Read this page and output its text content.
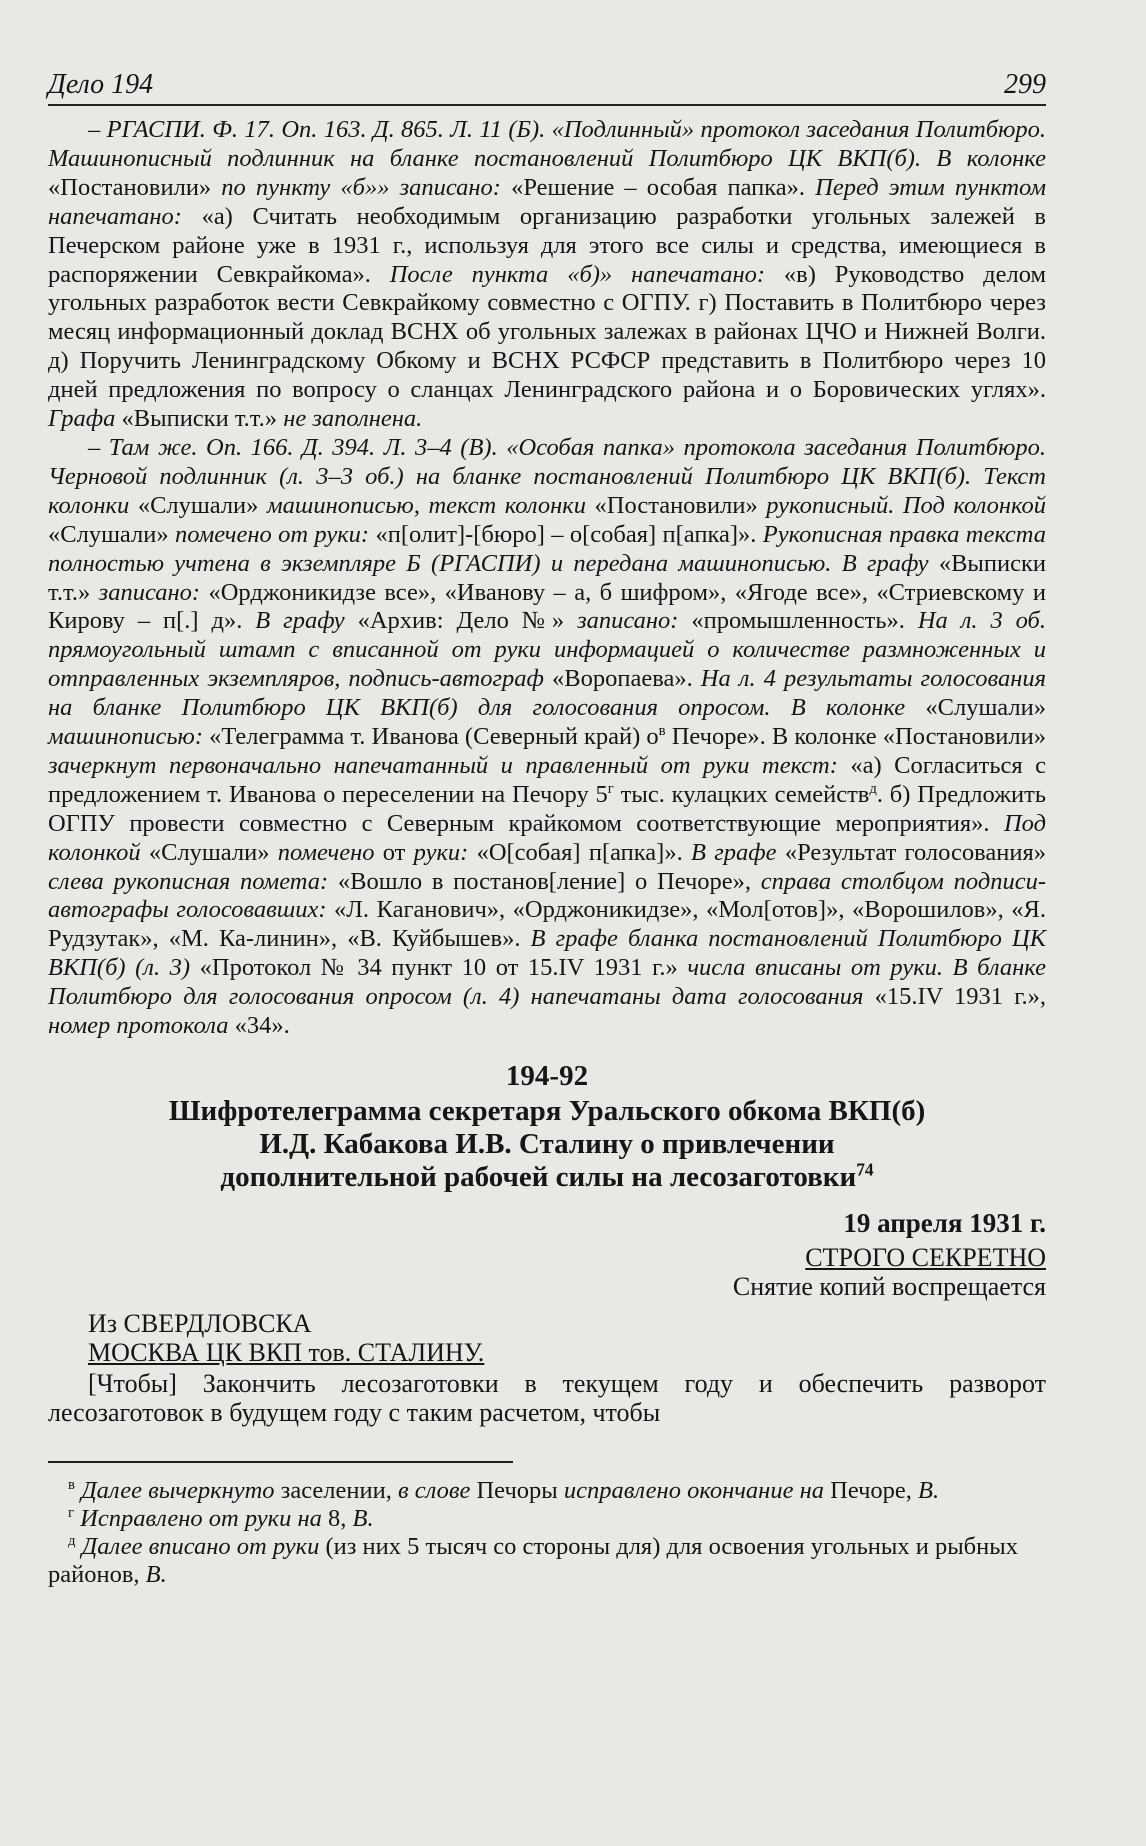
Дело 194	299

– РГАСПИ. Ф. 17. Оп. 163. Д. 865. Л. 11 (Б). «Подлинный» протокол заседания Политбюро. Машинописный подлинник на бланке постановлений Политбюро ЦК ВКП(б). В колонке «Постановили» по пункту «б»» записано: «Решение – особая папка». Перед этим пунктом напечатано: «а) Считать необходимым организацию разработки угольных залежей в Печерском районе уже в 1931 г., используя для этого все силы и средства, имеющиеся в распоряжении Севкрайкома». После пункта «б)» напечатано: «в) Руководство делом угольных разработок вести Севкрайкому совместно с ОГПУ. г) Поставить в Политбюро через месяц информационный доклад ВСНХ об угольных залежах в районах ЦЧО и Нижней Волги. д) Поручить Ленинградскому Обкому и ВСНХ РСФСР представить в Политбюро через 10 дней предложения по вопросу о сланцах Ленинградского района и о Боровических углях». Графа «Выписки т.т.» не заполнена.

– Там же. Оп. 166. Д. 394. Л. 3–4 (В). «Особая папка» протокола заседания Политбюро. Черновой подлинник (л. 3–3 об.) на бланке постановлений Политбюро ЦК ВКП(б). Текст колонки «Слушали» машинописью, текст колонки «Постановили» рукописный. Под колонкой «Слушали» помечено от руки: «п[олит]-[бюро] – о[собая] п[апка]». Рукописная правка текста полностью учтена в экземпляре Б (РГАСПИ) и передана машинописью. В графу «Выписки т.т.» записано: «Орджоникидзе все», «Иванову – а, б шифром», «Ягоде все», «Стриевскому и Кирову – п[.] д». В графу «Архив: Дело №» записано: «промышленность». На л. 3 об. прямоугольный штамп с вписанной от руки информацией о количестве размноженных и отправленных экземпляров, подпись-автограф «Воропаева». На л. 4 результаты голосования на бланке Политбюро ЦК ВКП(б) для голосования опросом. В колонке «Слушали» машинописью: «Телеграмма т. Иванова (Северный край) $о^в$ Печоре». В колонке «Постановили» зачеркнут первоначально напечатанный и правленный от руки текст: «а) Согласиться с предложением т. Иванова о переселении на Печору $5^г$ тыс. кулацких семейств$^д$. б) Предложить ОГПУ провести совместно с Северным крайкомом соответствующие мероприятия». Под колонкой «Слушали» помечено от руки: «О[собая] п[апка]». В графе «Результат голосования» слева рукописная помета: «Вошло в постанов[ление] о Печоре», справа столбцом подписи-автографы голосовавших: «Л. Каганович», «Орджоникидзе», «Мол[отов]», «Ворошилов», «Я. Рудзутак», «М. Ка-линин», «В. Куйбышев». В графе бланка постановлений Политбюро ЦК ВКП(б) (л. 3) «Протокол № 34 пункт 10 от 15.IV 1931 г.» числа вписаны от руки. В бланке Политбюро для голосования опросом (л. 4) напечатаны дата голосования «15.IV 1931 г.», номер протокола «34».

194-92
Шифротелеграмма секретаря Уральского обкома ВКП(б)
И.Д. Кабакова И.В. Сталину о привлечении
дополнительной рабочей силы на лесозаготовки$^{74}$
19 апреля 1931 г.
СТРОГО СЕКРЕТНО
Снятие копий воспрещается
Из СВЕРДЛОВСКА
МОСКВА ЦК ВКП тов. СТАЛИНУ.

[Чтобы] Закончить лесозаготовки в текущем году и обеспечить разворот лесозаготовок в будущем году с таким расчетом, чтобы

$^в$ Далее вычеркнуто заселении, в слове Печоры исправлено окончание на Печоре, В.

$^г$ Исправлено от руки на 8, В.

$^д$ Далее вписано от руки (из них 5 тысяч со стороны для) для освоения угольных и рыбных районов, В.
